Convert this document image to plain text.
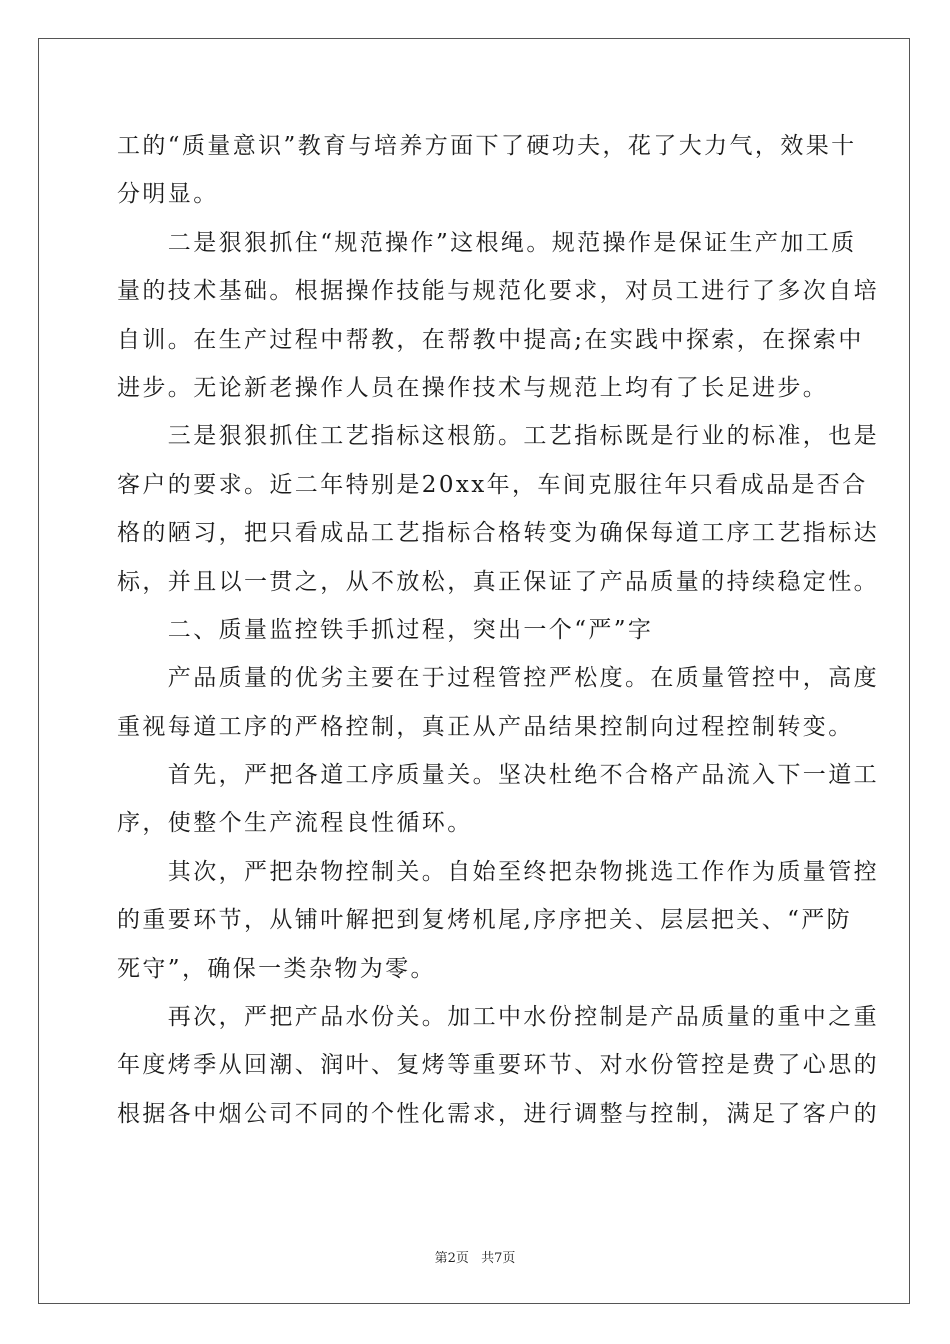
工的“质量意识”教育与培养方面下了硬功夫，花了大力气，效果十
分明显。
　　二是狠狠抓住“规范操作”这根绳。规范操作是保证生产加工质
量的技术基础。根据操作技能与规范化要求，对员工进行了多次自培
自训。在生产过程中帮教，在帮教中提高;在实践中探索，在探索中
进步。无论新老操作人员在操作技术与规范上均有了长足进步。
　　三是狠狠抓住工艺指标这根筋。工艺指标既是行业的标准，也是
客户的要求。近二年特别是20xx年，车间克服往年只看成品是否合
格的陋习，把只看成品工艺指标合格转变为确保每道工序工艺指标达
标，并且以一贯之，从不放松，真正保证了产品质量的持续稳定性。
　　二、质量监控铁手抓过程，突出一个“严”字
　　产品质量的优劣主要在于过程管控严松度。在质量管控中，高度
重视每道工序的严格控制，真正从产品结果控制向过程控制转变。
　　首先，严把各道工序质量关。坚决杜绝不合格产品流入下一道工
序，使整个生产流程良性循环。
　　其次，严把杂物控制关。自始至终把杂物挑选工作作为质量管控
的重要环节，从铺叶解把到复烤机尾,序序把关、层层把关、“严防
死守”，确保一类杂物为零。
　　再次，严把产品水份关。加工中水份控制是产品质量的重中之重
年度烤季从回潮、润叶、复烤等重要环节、对水份管控是费了心思的
根据各中烟公司不同的个性化需求，进行调整与控制，满足了客户的
第2页 共7页
